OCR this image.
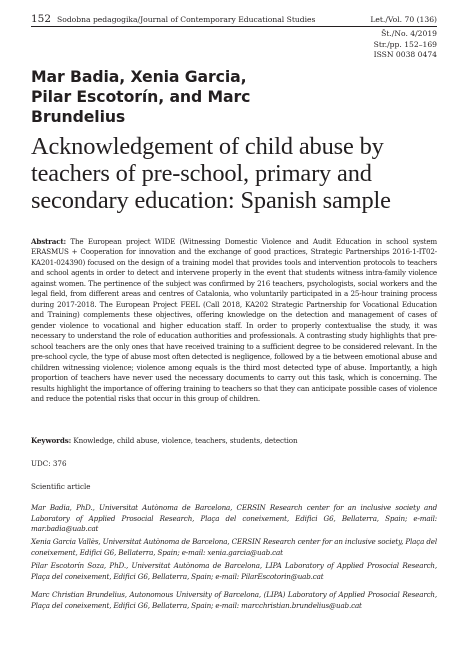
152 Sodobna pedagogika/Journal of Contemporary Educational Studies	Let./Vol. 70 (136)
Št./No. 4/2019
Str./pp. 152–169
ISSN 0038 0474
Mar Badia, Xenia Garcia,
Pilar Escotorín, and Marc Brundelius
Acknowledgement of child abuse by teachers of pre-school, primary and secondary education: Spanish sample
Abstract: The European project WIDE (Witnessing Domestic Violence and Audit Education in school system ERASMUS + Cooperation for innovation and the exchange of good practices, Strategic Partnerships 2016-1-IT02-KA201-024390) focused on the design of a training model that provides tools and intervention protocols to teachers and school agents in order to detect and intervene properly in the event that students witness intra-family violence against women. The pertinence of the subject was confirmed by 216 teachers, psychologists, social workers and the legal field, from different areas and centres of Catalonia, who voluntarily participated in a 25-hour training process during 2017-2018. The European Project FEEL (Call 2018, KA202 Strategic Partnership for Vocational Education and Training) complements these objectives, offering knowledge on the detection and management of cases of gender violence to vocational and higher education staff. In order to properly contextualise the study, it was necessary to understand the role of education authorities and professionals. A contrasting study highlights that pre-school teachers are the only ones that have received training to a sufficient degree to be considered relevant. In the pre-school cycle, the type of abuse most often detected is negligence, followed by a tie between emotional abuse and children witnessing violence; violence among equals is the third most detected type of abuse. Importantly, a high proportion of teachers have never used the necessary documents to carry out this task, which is concerning. The results highlight the importance of offering training to teachers so that they can anticipate possible cases of violence and reduce the potential risks that occur in this group of children.
Keywords: Knowledge, child abuse, violence, teachers, students, detection
UDC: 376
Scientific article
Mar Badia, PhD., Universitat Autònoma de Barcelona, CERSIN Research center for an inclusive society and Laboratory of Applied Prosocial Research, Plaça del coneixement, Edifici G6, Bellaterra, Spain; e-mail: mar.badia@uab.cat
Xenia Garcia Vallès, Universitat Autònoma de Barcelona, CERSIN Research center for an inclusive society, Plaça del coneixement, Edifici G6, Bellaterra, Spain; e-mail: xenia.garcia@uab.cat
Pilar Escotorín Soza, PhD., Universitat Autònoma de Barcelona, LIPA Laboratory of Applied Prosocial Research, Plaça del coneixement, Edifici G6, Bellaterra, Spain; e-mail: PilarEscotorin@uab.cat
Marc Christian Brundelius, Autonomous University of Barcelona, (LIPA) Laboratory of Applied Prosocial Research, Plaça del coneixement, Edifici G6, Bellaterra, Spain; e-mail: marcchristian.brundelius@uab.cat
